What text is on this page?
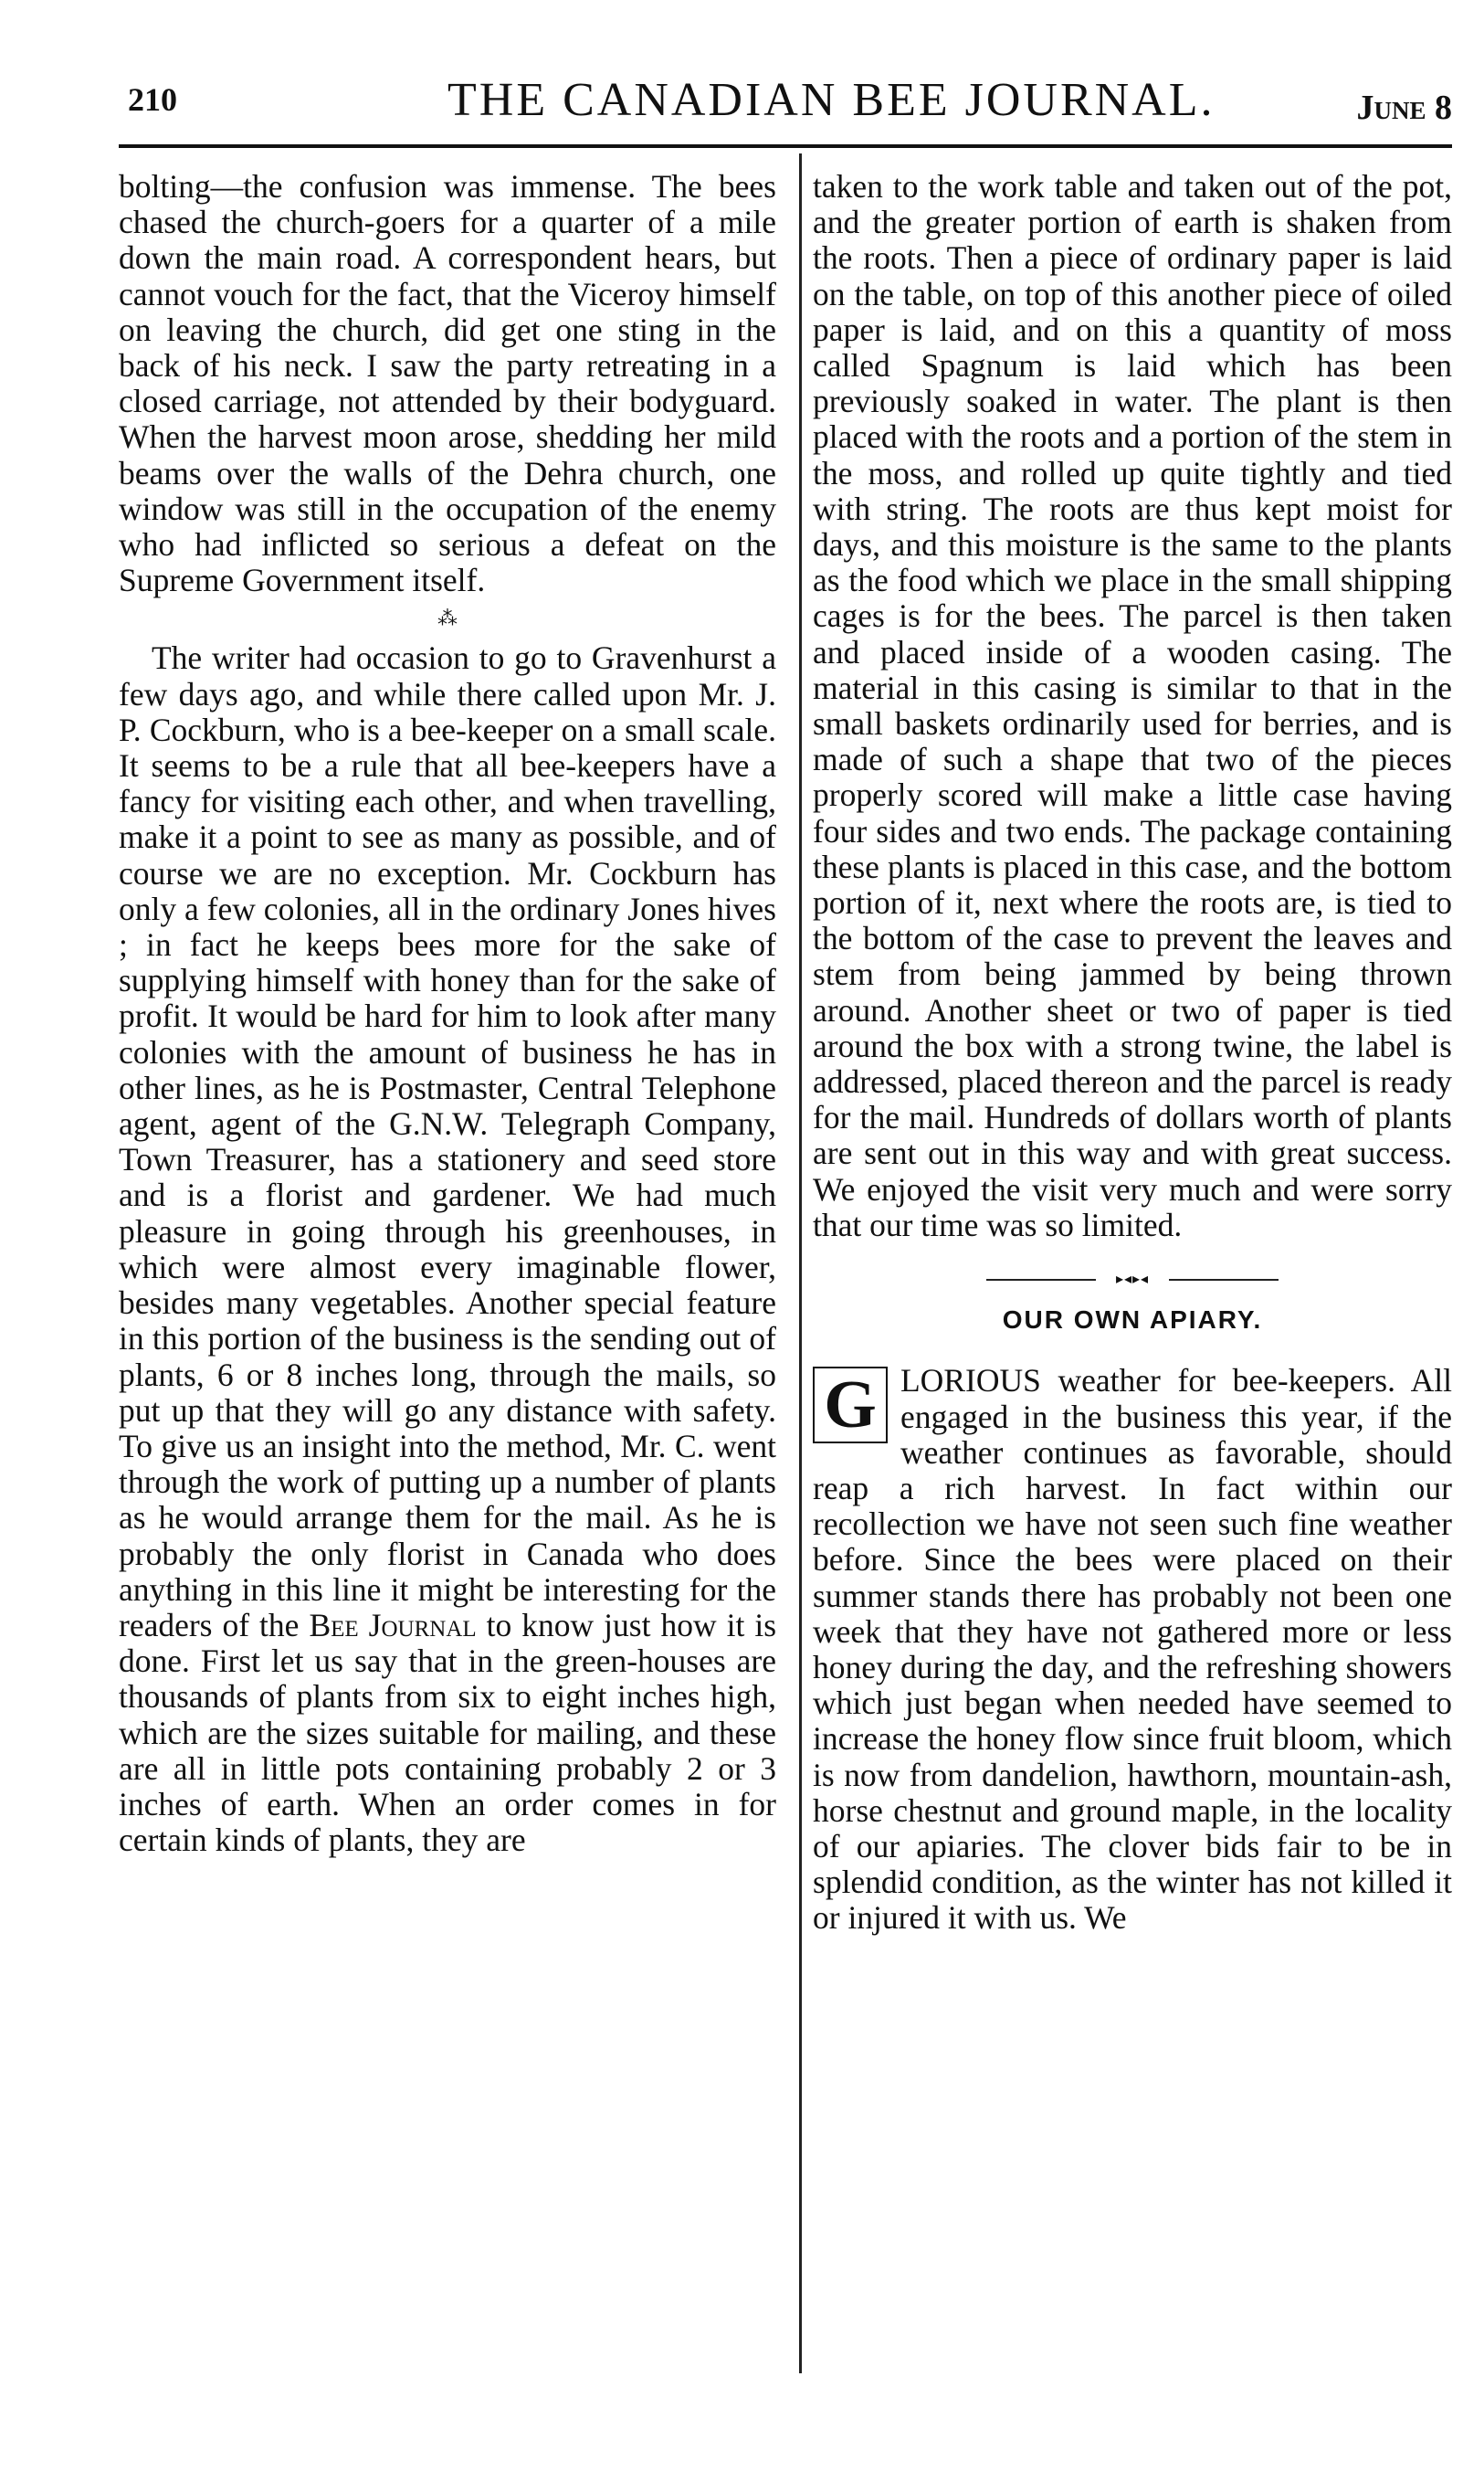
210	THE CANADIAN BEE JOURNAL.	June 8

bolting—the confusion was immense. The bees chased the church-goers for a quarter of a mile down the main road. A correspondent hears, but cannot vouch for the fact, that the Viceroy himself on leaving the church, did get one sting in the back of his neck. I saw the party retreating in a closed carriage, not attended by their bodyguard. When the harvest moon arose, shedding her mild beams over the walls of the Dehra church, one window was still in the occupation of the enemy who had inflicted so serious a defeat on the Supreme Government itself.

⁂

The writer had occasion to go to Gravenhurst a few days ago, and while there called upon Mr. J. P. Cockburn, who is a bee-keeper on a small scale. It seems to be a rule that all bee-keepers have a fancy for visiting each other, and when travelling, make it a point to see as many as possible, and of course we are no exception. Mr. Cockburn has only a few colonies, all in the ordinary Jones hives ; in fact he keeps bees more for the sake of supplying himself with honey than for the sake of profit. It would be hard for him to look after many colonies with the amount of business he has in other lines, as he is Postmaster, Central Telephone agent, agent of the G.N.W. Telegraph Company, Town Treasurer, has a stationery and seed store and is a florist and gardener. We had much pleasure in going through his greenhouses, in which were almost every imaginable flower, besides many vegetables. Another special feature in this portion of the business is the sending out of plants, 6 or 8 inches long, through the mails, so put up that they will go any distance with safety. To give us an insight into the method, Mr. C. went through the work of putting up a number of plants as he would arrange them for the mail. As he is probably the only florist in Canada who does anything in this line it might be interesting for the readers of the Bee Journal to know just how it is done. First let us say that in the green-houses are thousands of plants from six to eight inches high, which are the sizes suitable for mailing, and these are all in little pots containing probably 2 or 3 inches of earth. When an order comes in for certain kinds of plants, they are

taken to the work table and taken out of the pot, and the greater portion of earth is shaken from the roots. Then a piece of ordinary paper is laid on the table, on top of this another piece of oiled paper is laid, and on this a quantity of moss called Spagnum is laid which has been previously soaked in water. The plant is then placed with the roots and a portion of the stem in the moss, and rolled up quite tightly and tied with string. The roots are thus kept moist for days, and this moisture is the same to the plants as the food which we place in the small shipping cages is for the bees. The parcel is then taken and placed inside of a wooden casing. The material in this casing is similar to that in the small baskets ordinarily used for berries, and is made of such a shape that two of the pieces properly scored will make a little case having four sides and two ends. The package containing these plants is placed in this case, and the bottom portion of it, next where the roots are, is tied to the bottom of the case to prevent the leaves and stem from being jammed by being thrown around. Another sheet or two of paper is tied around the box with a strong twine, the label is addressed, placed thereon and the parcel is ready for the mail. Hundreds of dollars worth of plants are sent out in this way and with great success. We enjoyed the visit very much and were sorry that our time was so limited.

▸◂▸◂
OUR OWN APIARY.

G LORIOUS weather for bee-keepers. All engaged in the business this year, if the weather continues as favorable, should reap a rich harvest. In fact within our recollection we have not seen such fine weather before. Since the bees were placed on their summer stands there has probably not been one week that they have not gathered more or less honey during the day, and the refreshing showers which just began when needed have seemed to increase the honey flow since fruit bloom, which is now from dandelion, hawthorn, mountain-ash, horse chestnut and ground maple, in the locality of our apiaries. The clover bids fair to be in splendid condition, as the winter has not killed it or injured it with us. We
